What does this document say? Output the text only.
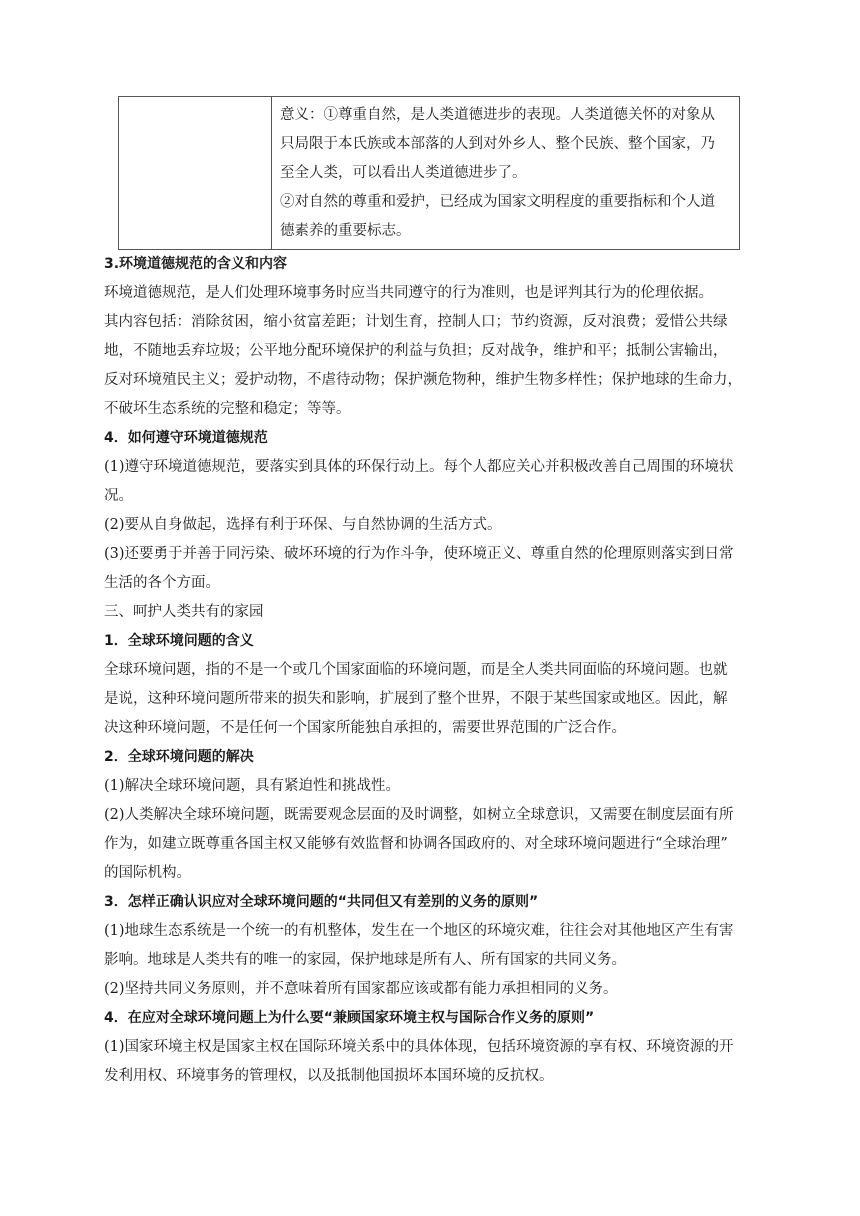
意义：①尊重自然，是人类道德进步的表现。人类道德关怀的对象从

只局限于本氏族或本部落的人到对外乡人、整个民族、整个国家，乃

至全人类，可以看出人类道德进步了。

②对自然的尊重和爱护，已经成为国家文明程度的重要指标和个人道

德素养的重要标志。

3.环境道德规范的含义和内容

环境道德规范，是人们处理环境事务时应当共同遵守的行为准则，也是评判其行为的伦理依据。

其内容包括：消除贫困，缩小贫富差距；计划生育，控制人口；节约资源，反对浪费；爱惜公共绿

地，不随地丢弃垃圾；公平地分配环境保护的利益与负担；反对战争，维护和平；抵制公害输出，

反对环境殖民主义；爱护动物，不虐待动物；保护濒危物种，维护生物多样性；保护地球的生命力，

不破坏生态系统的完整和稳定；等等。

4．如何遵守环境道德规范

(1)遵守环境道德规范，要落实到具体的环保行动上。每个人都应关心并积极改善自己周围的环境状

况。

(2)要从自身做起，选择有利于环保、与自然协调的生活方式。

(3)还要勇于并善于同污染、破坏环境的行为作斗争，使环境正义、尊重自然的伦理原则落实到日常

生活的各个方面。

三、呵护人类共有的家园

1．全球环境问题的含义

全球环境问题，指的不是一个或几个国家面临的环境问题，而是全人类共同面临的环境问题。也就

是说，这种环境问题所带来的损失和影响，扩展到了整个世界，不限于某些国家或地区。因此，解

决这种环境问题，不是任何一个国家所能独自承担的，需要世界范围的广泛合作。

2．全球环境问题的解决

(1)解决全球环境问题，具有紧迫性和挑战性。

(2)人类解决全球环境问题，既需要观念层面的及时调整，如树立全球意识，又需要在制度层面有所

作为，如建立既尊重各国主权又能够有效监督和协调各国政府的、对全球环境问题进行“全球治理”

的国际机构。

3．怎样正确认识应对全球环境问题的“共同但又有差别的义务的原则”

(1)地球生态系统是一个统一的有机整体，发生在一个地区的环境灾难，往往会对其他地区产生有害

影响。地球是人类共有的唯一的家园，保护地球是所有人、所有国家的共同义务。

(2)坚持共同义务原则，并不意味着所有国家都应该或都有能力承担相同的义务。

4．在应对全球环境问题上为什么要“兼顾国家环境主权与国际合作义务的原则”

(1)国家环境主权是国家主权在国际环境关系中的具体体现，包括环境资源的享有权、环境资源的开

发利用权、环境事务的管理权，以及抵制他国损坏本国环境的反抗权。
